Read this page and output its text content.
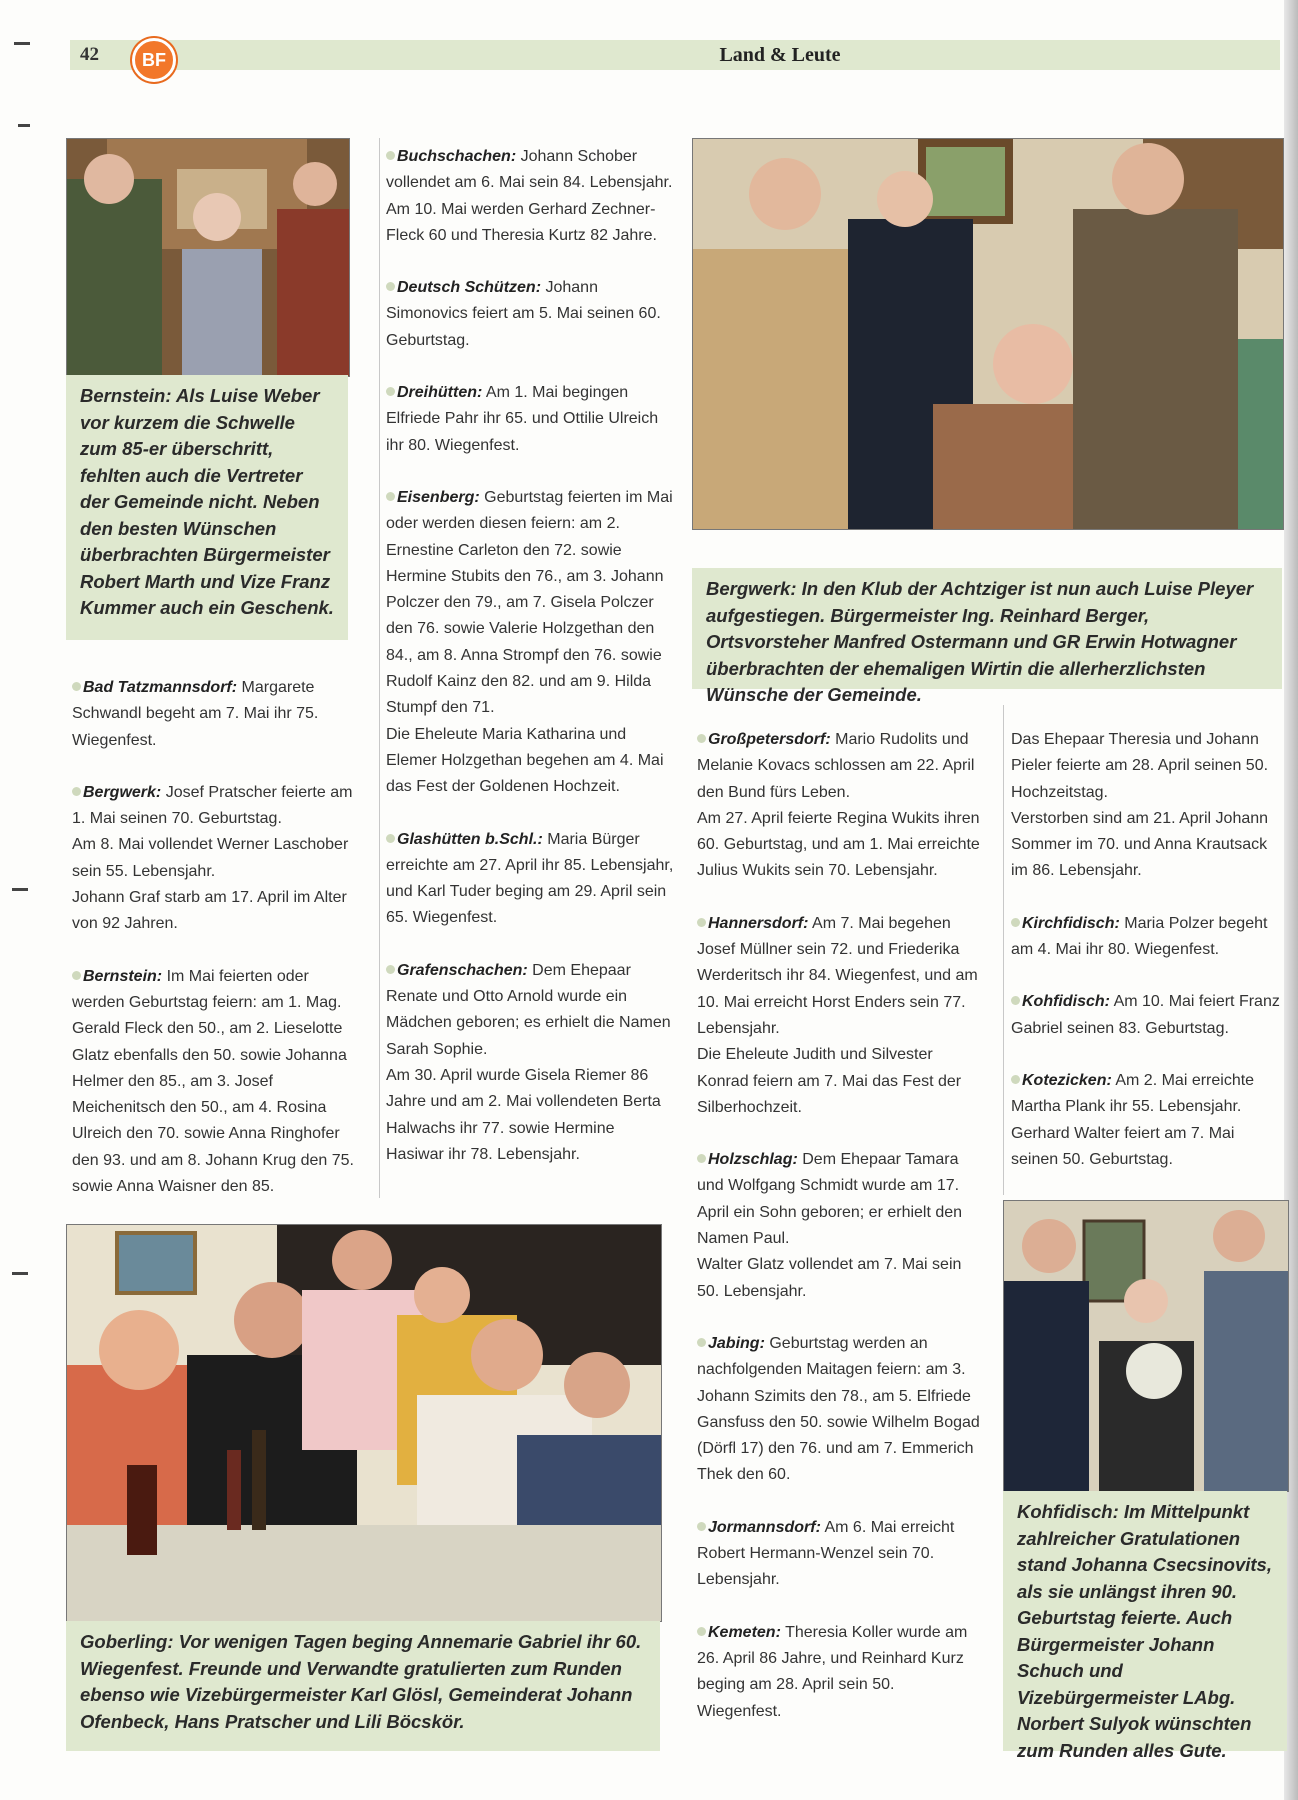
42	BF	Land & Leute
Bernstein: Als Luise Weber vor kurzem die Schwelle zum 85-er überschritt, fehlten auch die Vertreter der Gemeinde nicht. Neben den besten Wünschen überbrachten Bürgermeister Robert Marth und Vize Franz Kummer auch ein Geschenk.
Bergwerk: In den Klub der Achtziger ist nun auch Luise Pleyer aufgestiegen. Bürgermeister Ing. Reinhard Berger, Ortsvorsteher Manfred Ostermann und GR Erwin Hotwagner überbrachten der ehemaligen Wirtin die allerherzlichsten Wünsche der Gemeinde.

Bad Tatzmannsdorf: Margarete Schwandl begeht am 7. Mai ihr 75. Wiegenfest.

Bergwerk: Josef Pratscher feierte am 1. Mai seinen 70. Geburtstag.
Am 8. Mai vollendet Werner Laschober sein 55. Lebensjahr.
Johann Graf starb am 17. April im Alter von 92 Jahren.

Bernstein: Im Mai feierten oder werden Geburtstag feiern: am 1. Mag. Gerald Fleck den 50., am 2. Lieselotte Glatz ebenfalls den 50. sowie Johanna Helmer den 85., am 3. Josef Meichenitsch den 50., am 4. Rosina Ulreich den 70. sowie Anna Ringhofer den 93. und am 8. Johann Krug den 75. sowie Anna Waisner den 85.

Buchschachen: Johann Schober vollendet am 6. Mai sein 84. Lebensjahr. Am 10. Mai werden Gerhard Zechner-Fleck 60 und Theresia Kurtz 82 Jahre.

Deutsch Schützen: Johann Simonovics feiert am 5. Mai seinen 60. Geburtstag.

Dreihütten: Am 1. Mai begingen Elfriede Pahr ihr 65. und Ottilie Ulreich ihr 80. Wiegenfest.

Eisenberg: Geburtstag feierten im Mai oder werden diesen feiern: am 2. Ernestine Carleton den 72. sowie Hermine Stubits den 76., am 3. Johann Polczer den 79., am 7. Gisela Polczer den 76. sowie Valerie Holzgethan den 84., am 8. Anna Strompf den 76. sowie Rudolf Kainz den 82. und am 9. Hilda Stumpf den 71.
Die Eheleute Maria Katharina und Elemer Holzgethan begehen am 4. Mai das Fest der Goldenen Hochzeit.

Glashütten b.Schl.: Maria Bürger erreichte am 27. April ihr 85. Lebensjahr, und Karl Tuder beging am 29. April sein 65. Wiegenfest.

Grafenschachen: Dem Ehepaar Renate und Otto Arnold wurde ein Mädchen geboren; es erhielt die Namen Sarah Sophie.
Am 30. April wurde Gisela Riemer 86 Jahre und am 2. Mai vollendeten Berta Halwachs ihr 77. sowie Hermine Hasiwar ihr 78. Lebensjahr.

Großpetersdorf: Mario Rudolits und Melanie Kovacs schlossen am 22. April den Bund fürs Leben.
Am 27. April feierte Regina Wukits ihren 60. Geburtstag, und am 1. Mai erreichte Julius Wukits sein 70. Lebensjahr.

Hannersdorf: Am 7. Mai begehen Josef Müllner sein 72. und Friederika Werderitsch ihr 84. Wiegenfest, und am 10. Mai erreicht Horst Enders sein 77. Lebensjahr.
Die Eheleute Judith und Silvester Konrad feiern am 7. Mai das Fest der Silberhochzeit.

Holzschlag: Dem Ehepaar Tamara und Wolfgang Schmidt wurde am 17. April ein Sohn geboren; er erhielt den Namen Paul.
Walter Glatz vollendet am 7. Mai sein 50. Lebensjahr.

Jabing: Geburtstag werden an nachfolgenden Maitagen feiern: am 3. Johann Szimits den 78., am 5. Elfriede Gansfuss den 50. sowie Wilhelm Bogad (Dörfl 17) den 76. und am 7. Emmerich Thek den 60.

Jormannsdorf: Am 6. Mai erreicht Robert Hermann-Wenzel sein 70. Lebensjahr.

Kemeten: Theresia Koller wurde am 26. April 86 Jahre, und Reinhard Kurz beging am 28. April sein 50. Wiegenfest.

Das Ehepaar Theresia und Johann Pieler feierte am 28. April seinen 50. Hochzeitstag.
Verstorben sind am 21. April Johann Sommer im 70. und Anna Krautsack im 86. Lebensjahr.

Kirchfidisch: Maria Polzer begeht am 4. Mai ihr 80. Wiegenfest.

Kohfidisch: Am 10. Mai feiert Franz Gabriel seinen 83. Geburtstag.

Kotezicken: Am 2. Mai erreichte Martha Plank ihr 55. Lebensjahr.
Gerhard Walter feiert am 7. Mai seinen 50. Geburtstag.

Goberling: Vor wenigen Tagen beging Annemarie Gabriel ihr 60. Wiegenfest. Freunde und Verwandte gratulierten zum Runden ebenso wie Vizebürgermeister Karl Glösl, Gemeinderat Johann Ofenbeck, Hans Pratscher und Lili Böcskör.
Kohfidisch: Im Mittelpunkt zahlreicher Gratulationen stand Johanna Csecsinovits, als sie unlängst ihren 90. Geburtstag feierte. Auch Bürgermeister Johann Schuch und Vizebürgermeister LAbg. Norbert Sulyok wünschten zum Runden alles Gute.
